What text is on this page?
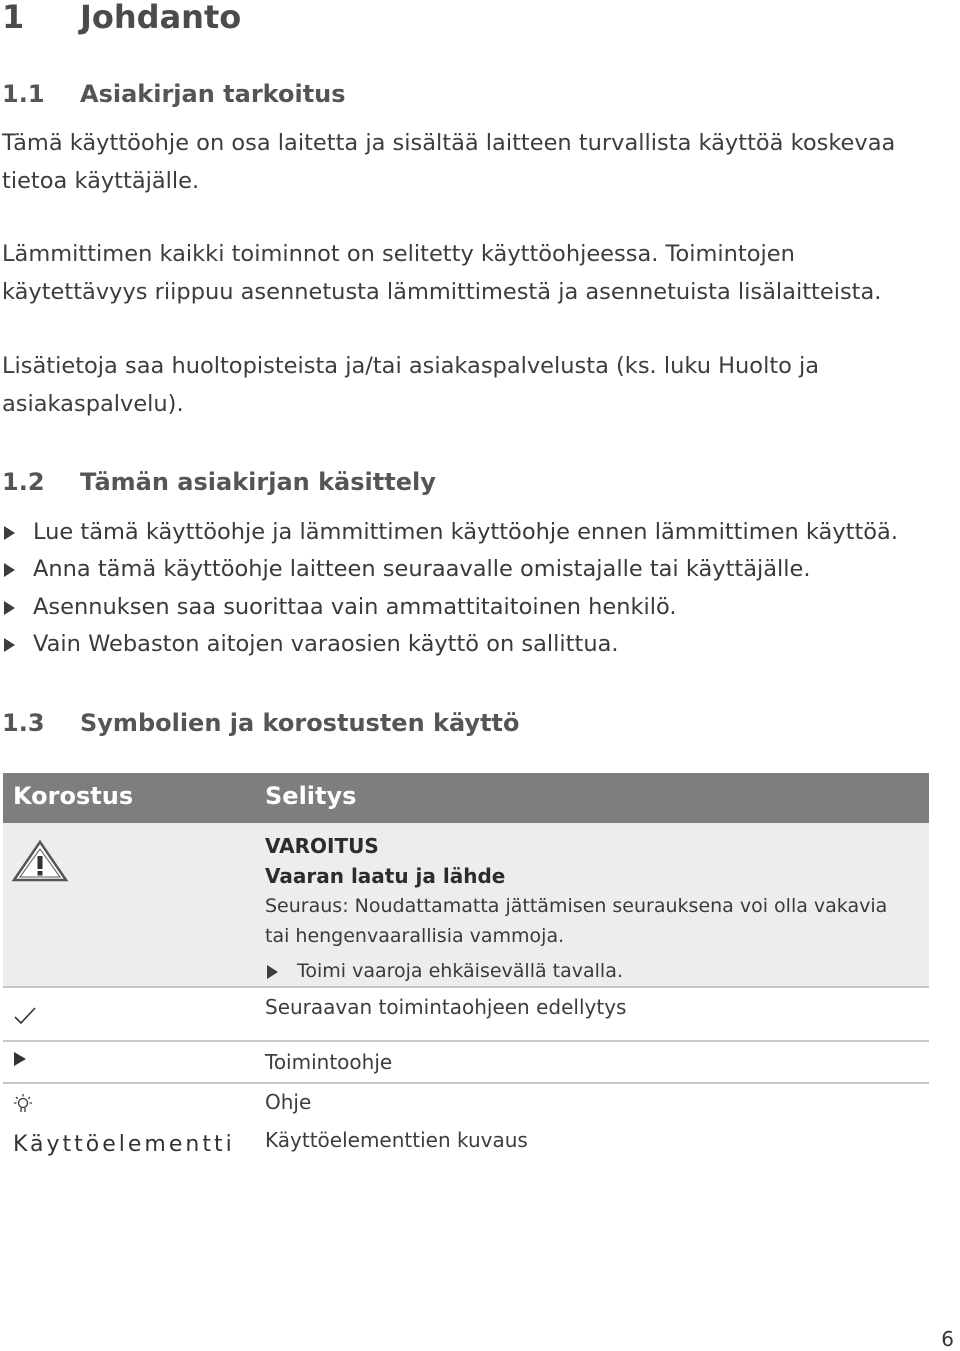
1 Johdanto
1.1 Asiakirjan tarkoitus

Tämä käyttöohje on osa laitetta ja sisältää laitteen turvallista käyttöä koskevaa tietoa käyttäjälle.

Lämmittimen kaikki toiminnot on selitetty käyttöohjeessa. Toimintojen käytettävyys riippuu asennetusta lämmittimestä ja asennetuista lisälaitteista.

Lisätietoja saa huoltopisteista ja/tai asiakaspalvelusta (ks. luku Huolto ja asiakaspalvelu).

1.2 Tämän asiakirjan käsittely
Lue tämä käyttöohje ja lämmittimen käyttöohje ennen lämmittimen käyttöä.
Anna tämä käyttöohje laitteen seuraavalle omistajalle tai käyttäjälle.
Asennuksen saa suorittaa vain ammattitaitoinen henkilö.
Vain Webaston aitojen varaosien käyttö on sallittua.
1.3 Symbolien ja korostusten käyttö
Korostus	Selitys
VAROITUS
Vaaran laatu ja lähde
Seuraus: Noudattamatta jättämisen seurauksena voi olla vakavia tai hengenvaarallisia vammoja.
Toimi vaaroja ehkäisevällä tavalla.
Seuraavan toimintaohjeen edellytys
Toimintoohje
Ohje
Käyttöelementti Käyttöelementtien kuvaus
6
